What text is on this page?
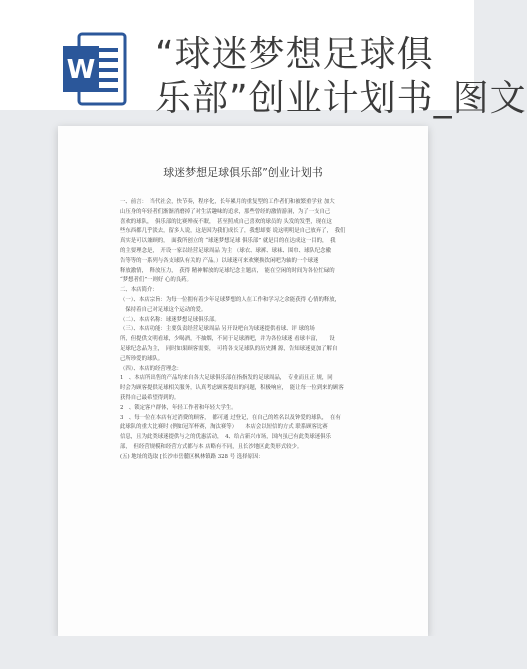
W “球迷梦想足球俱
乐部”创业计划书_图文
球迷梦想足球俱乐部”创业计划书
一、前言：　当代社会，快节奏，程序化，长年累月的重复型的工作者们和被繁重学业 加大
山压身的年轻者们渐渐消磨掉了对生活趣味的追求，那些曾经的激情游洞，为了一支自己
喜欢的球队，　俱乐部的比赛殚夜不眠，　甚至照成自己喜欢的球员的 头发的发型，现在这
些东西都几乎淡去，留多人说，这是因为我们成长了，我想却要 说这明明是自己放弃了，　我们
真实是可以兼顾的，　面我所创立的 “球迷梦想足球 俱乐部” 就是目的在达成这一目的，　我
的主要理念是，　开设一家以经营足球周品 为主 （球衣、球裤、球袜、围巾、球队纪念徽
告等等的一系列与各支球队有关的 产品。）以球迷可来欢聚换饮闲吧为轴的一个球迷
释放激情，　释放压力，　获得 精神解放的足球纪念主题店，　能在空闲的时间为各位忙碌的
“梦想者们”一则好 心的良药。
二、本店简介：
（一）、本店宗旨：为每一位拥有着少年足球梦想的人在工作和学习之余能获得 心情的释放，
　保持着自己对足球这个运动的爱。
（二）、本店名称：球迷梦想足球俱乐部。
（三）、本店功能：主要负责经营足球周品 另开设吧台为球迷提供看球、评 球的场
所，但提供文明看球，少喝酒，不抽烟，不同于足球酒吧，并为各位球迷 看球丰富，　　设
足球纪念品为主，　同时如果顾客需要，　可将各支足球队的历史渊 源，告知球迷更加了解自
己所珍爱的球队。
（四）、本店的经营理念：
1　、本店所出售的产品均来自各大足球俱乐部在指指发的足球周品，　专业而且正 规，同
时会为顾客提供足球相关服务，认真考虑顾客提出的问题，积极响应，　能让每一位到来的顾客
获得自己最希望得到的。
2　、锁定客户群体，年轻工作者和年轻大学生。
3　、每一位在本店有过消费的顾客，　都可通 过登记，在自己的姓名以及钟爱的球队，　在有
此球队的重大比赛时 (例如冠军杯赛，淘汰赛等）　　本店会以短信的方式 联系顾客比赛
信息，且为此类球迷提供与之的优惠活动，　4、给占新兴市场，国内虽已有此类球迷俱乐
部，　但经营规模和经营方式都与本 店略有不同，且长沙地区此类形式较少。
(五) 地址的选取 [长沙市岳麓区枫林镇路 328 号 选择原因：
